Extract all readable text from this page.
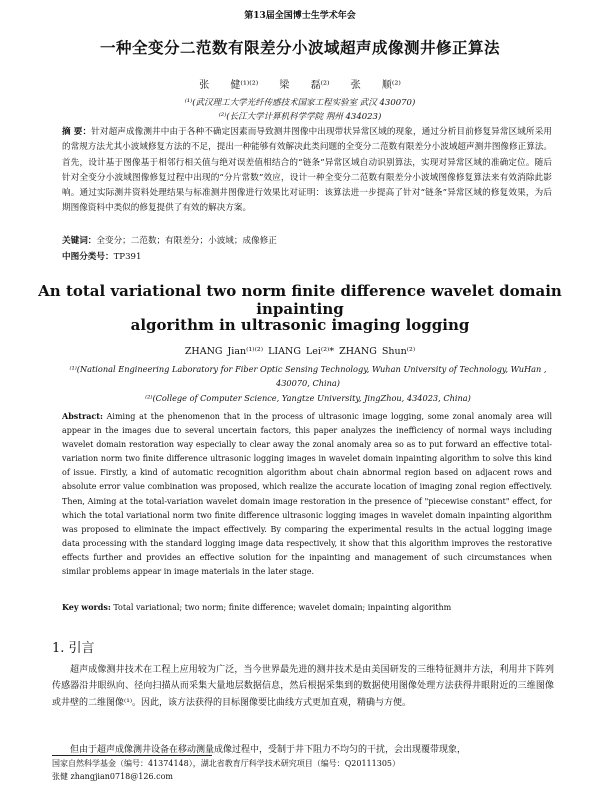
第13届全国博士生学术年会
一种全变分二范数有限差分小波域超声成像测井修正算法
张 健⁽¹⁾⁽²⁾ 梁 磊⁽²⁾ 张 顺⁽²⁾
⁽¹⁾(武汉理工大学光纤传感技术国家工程实验室 武汉 430070)
⁽²⁾(长江大学计算机科学学院 荆州 434023)

摘 要：针对超声成像测井中由于各种不确定因素而导致测井图像中出现带状异常区域的现象，通过分析目前修复异常区域所采用的常规方法尤其小波域修复方法的不足，提出一种能够有效解决此类问题的全变分二范数有限差分小波域超声测井图像修正算法。首先，设计基于图像基于相邻行相关值与绝对误差值相结合的“链条”异常区域自动识别算法，实现对异常区域的准确定位。随后针对全变分小波域图像修复过程中出现的“分片常数”效应，设计一种全变分二范数有限差分小波域图像修复算法来有效消除此影响。通过实际测井资料处理结果与标准测井图像进行效果比对证明：该算法进一步提高了针对“链条”异常区域的修复效果，为后期图像资料中类似的修复提供了有效的解决方案。

关键词：全变分；二范数；有限差分；小波域；成像修正
中图分类号：TP391
An total variational two norm finite difference wavelet domain inpainting
algorithm in ultrasonic imaging logging
ZHANG Jian⁽¹⁾⁽²⁾ LIANG Lei⁽²⁾* ZHANG Shun⁽²⁾

⁽¹⁾(National Engineering Laboratory for Fiber Optic Sensing Technology, Wuhan University of Technology, WuHan , 430070, China)

⁽²⁾(College of Computer Science, Yangtze University, JingZhou, 434023, China)

Abstract: Aiming at the phenomenon that in the process of ultrasonic image logging, some zonal anomaly area will appear in the images due to several uncertain factors, this paper analyzes the inefficiency of normal ways including wavelet domain restoration way especially to clear away the zonal anomaly area so as to put forward an effective total-variation norm two finite difference ultrasonic logging images in wavelet domain inpainting algorithm to solve this kind of issue. Firstly, a kind of automatic recognition algorithm about chain abnormal region based on adjacent rows and absolute error value combination was proposed, which realize the accurate location of imaging zonal region effectively. Then, Aiming at the total-variation wavelet domain image restoration in the presence of "piecewise constant" effect, for which the total variational norm two finite difference ultrasonic logging images in wavelet domain inpainting algorithm was proposed to eliminate the impact effectively. By comparing the experimental results in the actual logging image data processing with the standard logging image data respectively, it show that this algorithm improves the restorative effects further and provides an effective solution for the inpainting and management of such circumstances when similar problems appear in image materials in the later stage.

Key words: Total variational; two norm; finite difference; wavelet domain; inpainting algorithm
1. 引言

超声成像测井技术在工程上应用较为广泛，当今世界最先进的测井技术是由美国研发的三维特征测井方法，利用井下阵列传感器沿井眼纵向、径向扫描从而采集大量地层数据信息，然后根据采集到的数据使用图像处理方法获得井眼附近的三维图像或井壁的二维图像⁽¹⁾。因此，该方法获得的目标图像要比曲线方式更加直观，精确与方便。

但由于超声成像测井设备在移动测量成像过程中，受制于井下阻力不均匀的干扰，会出现覆带现象，

国家自然科学基金（编号：41374148），湖北省教育厅科学技术研究项目（编号：Q20111305）
张健 zhangjian0718@126.com
